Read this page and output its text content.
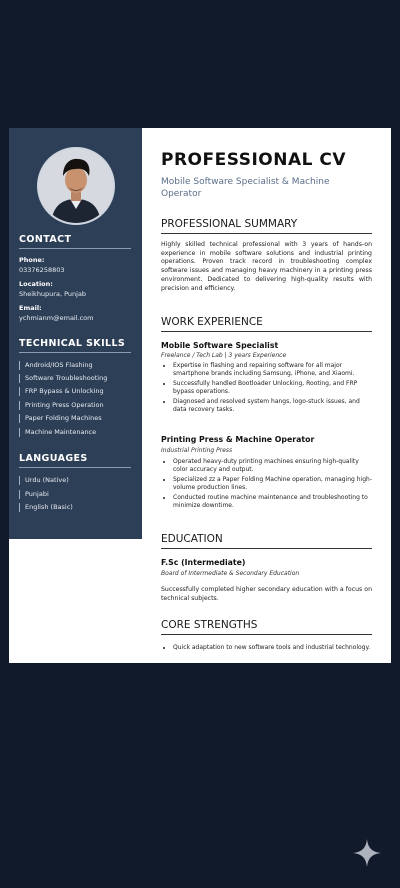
CONTACT
Phone:
03376258803
Location:
Sheikhupura, Punjab
Email:
ychmianm@email.com
TECHNICAL SKILLS
Android/IOS Flashing
Software Troubleshooting
FRP Bypass & Unlocking
Printing Press Operation
Paper Folding Machines
Machine Maintenance
LANGUAGES
Urdu (Native)
Punjabi
English (Basic)
PROFESSIONAL CV
Mobile Software Specialist & Machine Operator
PROFESSIONAL SUMMARY
Highly skilled technical professional with 3 years of hands-on experience in mobile software solutions and industrial printing operations. Proven track record in troubleshooting complex software issues and managing heavy machinery in a printing press environment. Dedicated to delivering high-quality results with precision and efficiency.
WORK EXPERIENCE
Mobile Software Specialist
Freelance / Tech Lab | 3 years Experience
• Expertise in flashing and repairing software for all major smartphone brands including Samsung, iPhone, and Xiaomi.
• Successfully handled Bootloader Unlocking, Rooting, and FRP bypass operations.
• Diagnosed and resolved system hangs, logo-stuck issues, and data recovery tasks.
Printing Press & Machine Operator
Industrial Printing Press
• Operated heavy-duty printing machines ensuring high-quality color accuracy and output.
• Specialized zz a Paper Folding Machine operation, managing high-volume production lines.
• Conducted routine machine maintenance and troubleshooting to minimize downtime.
EDUCATION
F.Sc (Intermediate)
Board of Intermediate & Secondary Education
Successfully completed higher secondary education with a focus on technical subjects.
CORE STRENGTHS
• Quick adaptation to new software tools and industrial technology.
